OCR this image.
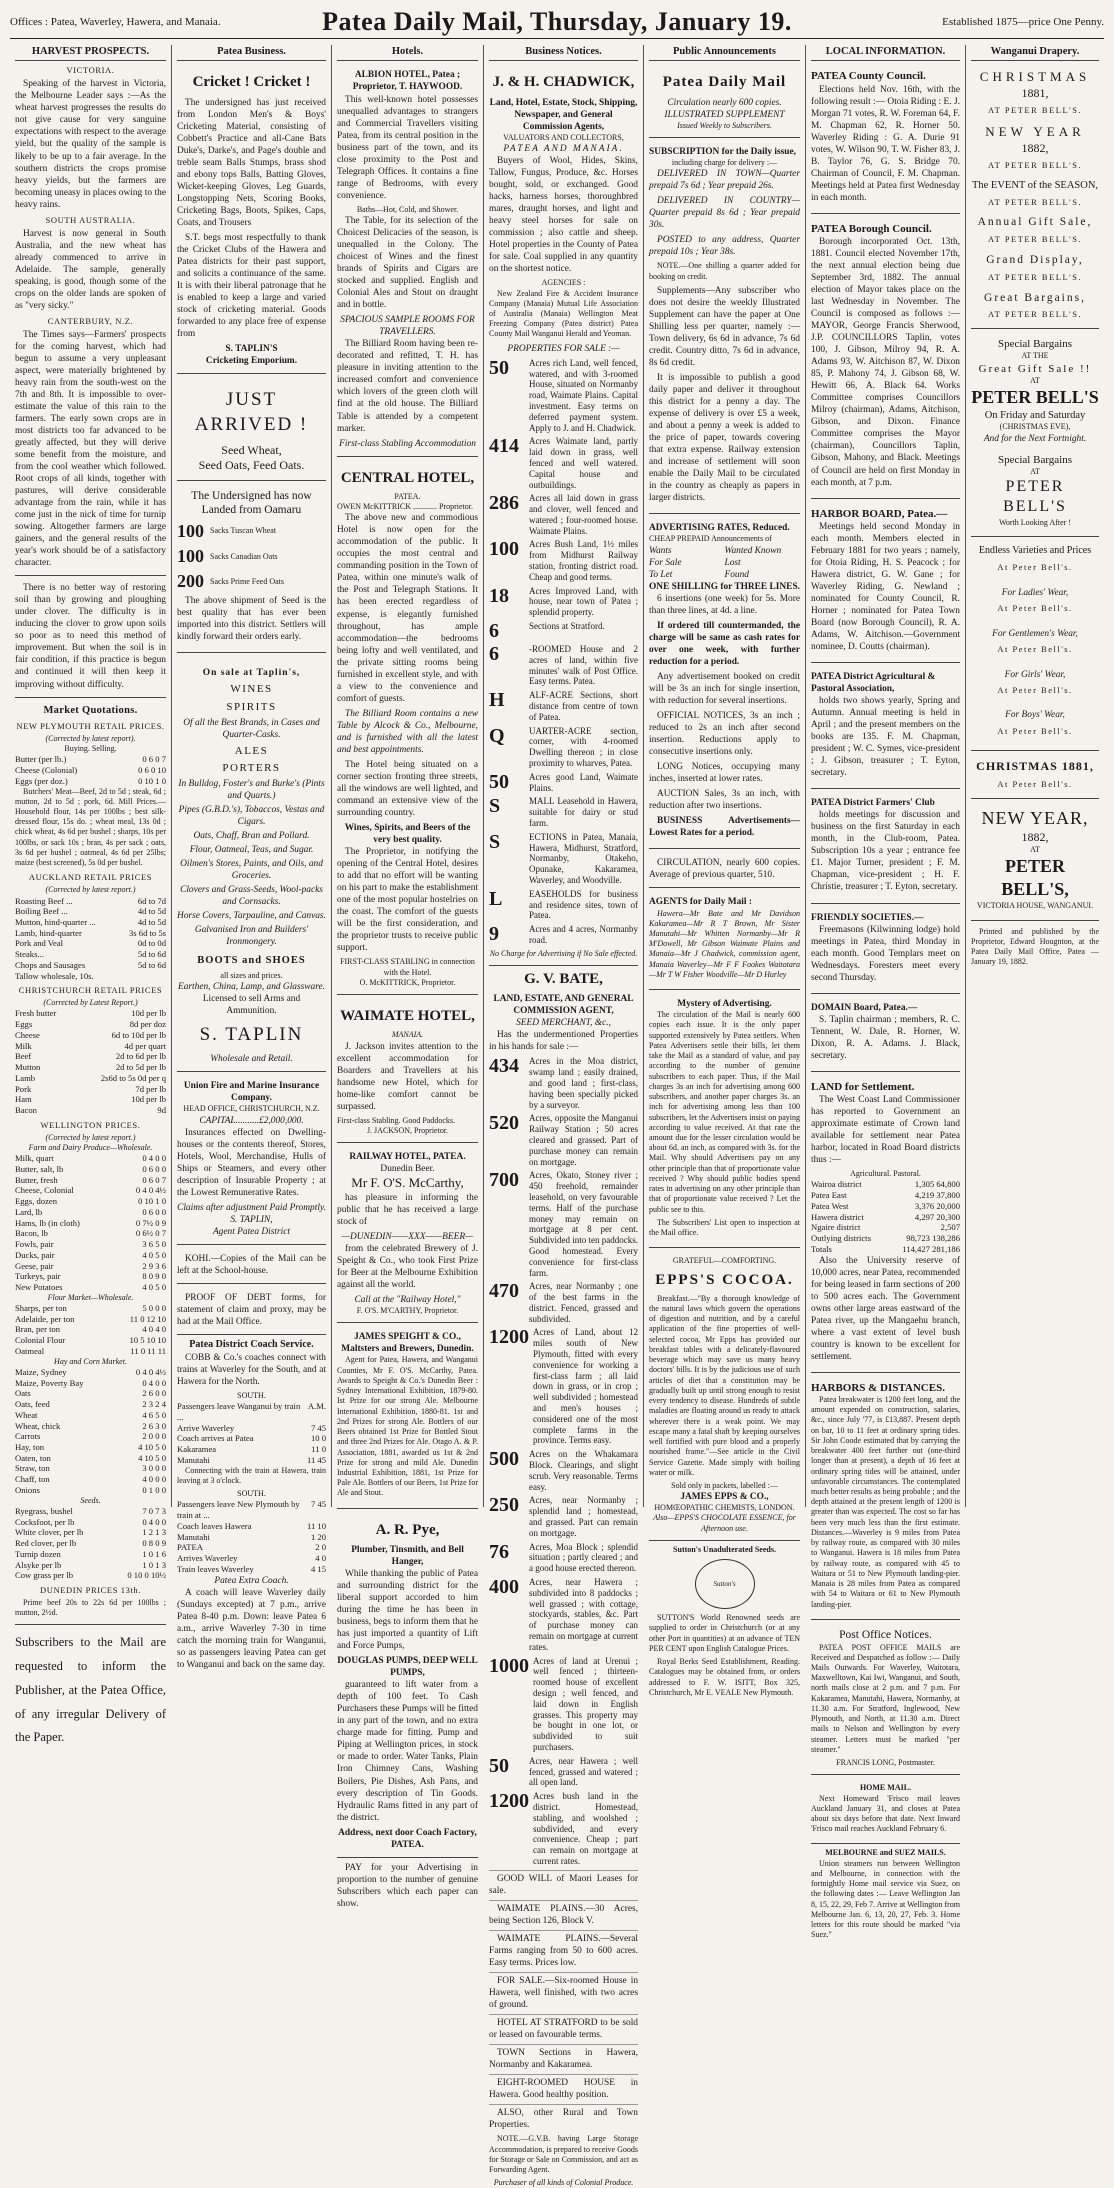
Offices : Patea, Waverley, Hawera, and Manaia.	Patea Daily Mail, Thursday, January 19.	Established 1875—price One Penny.
HARVEST PROSPECTS.
VICTORIA.

Speaking of the harvest in Victoria, the Melbourne Leader says :—As the wheat harvest progresses the results do not give cause for very sanguine expectations with respect to the average yield, but the quality of the sample is likely to be up to a fair average. In the southern districts the crops promise heavy yields, but the farmers are becoming uneasy in places owing to the heavy rains.

SOUTH AUSTRALIA.

Harvest is now general in South Australia, and the new wheat has already commenced to arrive in Adelaide. The sample, generally speaking, is good, though some of the crops on the older lands are spoken of as "very sicky."

CANTERBURY, N.Z.

The Times says—Farmers' prospects for the coming harvest, which had begun to assume a very unpleasant aspect, were materially brightened by heavy rain from the south-west on the 7th and 8th. It is impossible to over-estimate the value of this rain to the farmers. The early sown crops are in most districts too far advanced to be greatly affected, but they will derive some benefit from the moisture, and from the cool weather which followed. Root crops of all kinds, together with pastures, will derive considerable advantage from the rain, while it has come just in the nick of time for turnip sowing. Altogether farmers are large gainers, and the general results of the year's work should be of a satisfactory character.

There is no better way of restoring soil than by growing and ploughing under clover. The difficulty is in inducing the clover to grow upon soils so poor as to need this method of improvement. But when the soil is in fair condition, if this practice is begun and continued it will then keep it improving without difficulty.

Market Quotations.
NEW PLYMOUTH RETAIL PRICES.
(Corrected by latest report).
Buying. Selling.
Butter (per lb.)	0 6 0 7
Cheese (Colonial)	0 6 0 10
Eggs (per doz.)	0 10 1 0

Butchers' Meat—Beef, 2d to 5d ; steak, 6d ; mutton, 2d to 5d ; pork, 6d. Mill Prices.—Household flour, 14s per 100lbs ; best silk-dressed flour, 15s do. ; wheat meal, 13s 0d ; chick wheat, 4s 6d per bushel ; sharps, 10s per 100lbs, or sack 10s ; bran, 4s per sack ; oats, 3s 6d per bushel ; oatmeal, 4s 6d per 25lbs; maize (best screened), 5s 0d per bushel.

AUCKLAND RETAIL PRICES
(Corrected by latest report.)
Roasting Beef ...	6d to 7d
Boiling Beef ...	4d to 5d
Mutton, hind-quarter ...	4d to 5d
Lamb, hind-quarter	3s 6d to 5s
Pork and Veal	0d to 0d
Steaks...	5d to 6d
Chops and Sausages	5d to 6d
Tallow wholesale, 10s.
CHRISTCHURCH RETAIL PRICES
(Corrected by Latest Report.)
Fresh butter	10d per lb
Eggs	8d per doz
Cheese	6d to 10d per lb
Milk	4d per quart
Beef	2d to 6d per lb
Mutton	2d to 5d per lb
Lamb	2s6d to 5s 0d per q
Pork	7d per lb
Ham	10d per lb
Bacon	9d
WELLINGTON PRICES.
(Corrected by latest report.)
Farm and Dairy Produce—Wholesale.
Milk, quart	0 4 0 0
Butter, salt, lb	0 6 0 0
Butter, fresh	0 6 0 7
Cheese, Colonial	0 4 0 4½
Eggs, dozen	0 10 1 0
Lard, lb	0 6 0 0
Hams, lb (in cloth)	0 7½ 0 9
Bacon, lb	0 6½ 0 7
Fowls, pair	3 6 5 0
Ducks, pair	4 0 5 0
Geese, pair	2 9 3 6
Turkeys, pair	8 0 9 0
New Potatoes	4 0 5 0
Flour Market—Wholesale.
Sharps, per ton	5 0 0 0
Adelaide, per ton	11 0 12 10
Bran, per ton	4 0 4 0
Colonial Flour	10 5 10 10
Oatmeal	11 0 11 11
Hay and Corn Market.
Maize, Sydney	0 4 0 4½
Maize, Poverty Bay	0 4 0 0
Oats	2 6 0 0
Oats, feed	2 3 2 4
Wheat	4 6 5 0
Wheat, chick	2 6 3 0
Carrots	2 0 0 0
Hay, ton	4 10 5 0
Oaten, ton	4 10 5 0
Straw, ton	3 0 0 0
Chaff, ton	4 0 0 0
Onions	0 1 0 0
Seeds.
Ryegrass, bushel	7 0 7 3
Cocksfoot, per lb	0 4 0 0
White clover, per lb	1 2 1 3
Red clover, per lb	0 8 0 9
Turnip dozen	1 0 1 6
Alsyke per lb	1 0 1 3
Cow grass per lb	0 10 0 10½
DUNEDIN PRICES 13th.

Prime beef 20s to 22s 6d per 100lbs ; mutton, 2½d.

Subscribers to the Mail are requested to inform the Publisher, at the Patea Office, of any irregular Delivery of the Paper.

Patea Business.
Cricket ! Cricket !

The undersigned has just received from London Men's & Boys' Cricketing Material, consisting of Cobbett's Practice and all-Cane Bats Duke's, Darke's, and Page's double and treble seam Balls Stumps, brass shod and ebony tops Balls, Batting Gloves, Wicket-keeping Gloves, Leg Guards, Longstopping Nets, Scoring Books, Cricketing Bags, Boots, Spikes, Caps, Coats, and Trousers

S.T. begs most respectfully to thank the Cricket Clubs of the Hawera and Patea districts for their past support, and solicits a continuance of the same. It is with their liberal patronage that he is enabled to keep a large and varied stock of cricketing material. Goods forwarded to any place free of expense from

S. TAPLIN'S
Cricketing Emporium.
JUST ARRIVED !
Seed Wheat,
Seed Oats, Feed Oats.
The Undersigned has now Landed from Oamaru
100 Sacks Tuscan Wheat
100 Sacks Canadian Oats
200 Sacks Prime Feed Oats

The above shipment of Seed is the best quality that has ever been imported into this district. Settlers will kindly forward their orders early.

On sale at Taplin's,
WINES
SPIRITS
Of all the Best Brands, in Cases and Quarter-Casks.
ALES
PORTERS
In Bulldog, Foster's and Burke's (Pints and Quarts.)
Pipes (G.B.D.'s), Tobaccos, Vestas and Cigars.
Oats, Chaff, Bran and Pollard.
Flour, Oatmeal, Teas, and Sugar.
Oilmen's Stores, Paints, and Oils, and Groceries.
Clovers and Grass-Seeds, Wool-packs and Cornsacks.
Horse Covers, Tarpauline, and Canvas.
Galvanised Iron and Builders' Ironmongery.
BOOTS and SHOES
all sizes and prices.
Earthen, China, Lamp, and Glassware.
Licensed to sell Arms and Ammunition.
S. TAPLIN
Wholesale and Retail.
Union Fire and Marine Insurance Company.
HEAD OFFICE, CHRISTCHURCH, N.Z.
CAPITAL..........£2,000,000.

Insurances effected on Dwelling-houses or the contents thereof, Stores, Hotels, Wool, Merchandise, Hulls of Ships or Steamers, and every other description of Insurable Property ; at the Lowest Remunerative Rates.

Claims after adjustment Paid Promptly.
S. TAPLIN,
Agent Patea District

KOHI.—Copies of the Mail can be left at the School-house.

PROOF OF DEBT forms, for statement of claim and proxy, may be had at the Mail Office.

Patea District Coach Service.

COBB & Co.'s coaches connect with trains at Waverley for the South, and at Hawera for the North.

SOUTH.
Passengers leave Wanganui by train ...
A.M.
Arrive Waverley	7 45
Coach arrives at Patea	10 0
Kakaramea	11 0
Manutahi	11 45

Connecting with the train at Hawera, train leaving at 3 o'clock.

SOUTH.
Passengers leave New Plymouth by train at ...
7 45
Coach leaves Hawera	11 10
Manutahi	1 20
PATEA	2 0
Arrives Waverley	4 0
Train leaves Waverley	4 15
Patea Extra Coach.

A coach will leave Waverley daily (Sundays excepted) at 7 p.m., arrive Patea 8-40 p.m. Down: leave Patea 6 a.m., arrive Waverley 7-30 in time catch the morning train for Wanganui, so as passengers leaving Patea can get to Wanganui and back on the same day.

Hotels.
ALBION HOTEL, Patea ; Proprietor, T. HAYWOOD.

This well-known hotel possesses unequalled advantages to strangers and Commercial Travellers visiting Patea, from its central position in the business part of the town, and its close proximity to the Post and Telegraph Offices. It contains a fine range of Bedrooms, with every convenience.

Baths—Hot, Cold, and Shower.

The Table, for its selection of the Choicest Delicacies of the season, is unequalled in the Colony. The choicest of Wines and the finest brands of Spirits and Cigars are stocked and supplied. English and Colonial Ales and Stout on draught and in bottle.

SPACIOUS SAMPLE ROOMS FOR TRAVELLERS.

The Billiard Room having been re-decorated and refitted, T. H. has pleasure in inviting attention to the increased comfort and convenience which lovers of the green cloth will find at the old house. The Billiard Table is attended by a competent marker.

First-class Stabling Accommodation
CENTRAL HOTEL,
PATEA.
OWEN McKITTRICK ............ Proprietor.

The above new and commodious Hotel is now open for the accommodation of the public. It occupies the most central and commanding position in the Town of Patea, within one minute's walk of the Post and Telegraph Stations. It has been erected regardless of expense, is elegantly furnished throughout, has ample accommodation—the bedrooms being lofty and well ventilated, and the private sitting rooms being furnished in excellent style, and with a view to the convenience and comfort of guests.

The Billiard Room contains a new Table by Alcock & Co., Melbourne, and is furnished with all the latest and best appointments.

The Hotel being situated on a corner section fronting three streets, all the windows are well lighted, and command an extensive view of the surrounding country.

Wines, Spirits, and Beers of the very best quality.

The Proprietor, in notifying the opening of the Central Hotel, desires to add that no effort will be wanting on his part to make the establishment one of the most popular hostelries on the coast. The comfort of the guests will be the first consideration, and the proprietor trusts to receive public support.

FIRST-CLASS STABLING in connection with the Hotel.
O. McKITTRICK, Proprietor.
WAIMATE HOTEL,
MANAIA.

J. Jackson invites attention to the excellent accommodation for Boarders and Travellers at his handsome new Hotel, which for home-like comfort cannot be surpassed.

First-class Stabling. Good Paddocks.
J. JACKSON, Proprietor.
RAILWAY HOTEL, PATEA.
Dunedin Beer.
Mr F. O'S. McCarthy,

has pleasure in informing the public that he has received a large stock of

—DUNEDIN——XXX——BEER—

from the celebrated Brewery of J. Speight & Co., who took First Prize for Beer at the Melbourne Exhibition against all the world.

Call at the "Railway Hotel,"
F. O'S. M'CARTHY, Proprietor.
JAMES SPEIGHT & CO., Maltsters and Brewers, Dunedin.

Agent for Patea, Hawera, and Wanganui Counties, Mr F. O'S. McCarthy, Patea. Awards to Speight & Co.'s Dunedin Beer : Sydney International Exhibition, 1879-80. Ist Prize for our strong Ale. Melbourne International Exhibition, 1880-81. 1st and 2nd Prizes for strong Ale. Bottlers of our Beers obtained 1st Prize for Bottled Stout and three 2nd Prizes for Ale. Otago A. & P. Association, 1881, awarded us 1st & 2nd Prize for strong and mild Ale. Dunedin Industrial Exhibition, 1881, 1st Prize for Pale Ale. Bottlers of our Beers, 1st Prize for Ale and Stout.

A. R. Pye,
Plumber, Tinsmith, and Bell Hanger,

While thanking the public of Patea and surrounding district for the liberal support accorded to him during the time he has been in business, begs to inform them that he has just imported a quantity of Lift and Force Pumps,

DOUGLAS PUMPS, DEEP WELL PUMPS,

guaranteed to lift water from a depth of 100 feet. To Cash Purchasers these Pumps will be fitted in any part of the town, and no extra charge made for fitting. Pump and Piping at Wellington prices, in stock or made to order. Water Tanks, Plain Iron Chimney Cans, Washing Boilers, Pie Dishes, Ash Pans, and every description of Tin Goods. Hydraulic Rams fitted in any part of the district.

Address, next door Coach Factory, PATEA.

PAY for your Advertising in proportion to the number of genuine Subscribers which each paper can show.

Business Notices.
J. & H. CHADWICK,
Land, Hotel, Estate, Stock, Shipping, Newspaper, and General Commission Agents,
VALUATORS AND COLLECTORS,
PATEA AND MANAIA.

Buyers of Wool, Hides, Skins, Tallow, Fungus, Produce, &c. Horses bought, sold, or exchanged. Good hacks, harness horses, thoroughbred mares, draught horses, and light and heavy steel horses for sale on commission ; also cattle and sheep. Hotel properties in the County of Patea for sale. Coal supplied in any quantity on the shortest notice.

AGENCIES :

New Zealand Fire & Accident Insurance Company (Manaia) Mutual Life Association of Australia (Manaia) Wellington Meat Freezing Company (Patea district) Patea County Mail Wanganui Herald and Yeoman.

PROPERTIES FOR SALE :—
50	Acres rich Land, well fenced, watered, and with 3-roomed House, situated on Normanby road, Waimate Plains. Capital investment. Easy terms on deferred payment system. Apply to J. and H. Chadwick.
414	Acres Waimate land, partly laid down in grass, well fenced and well watered. Capital house and outbuildings.
286	Acres all laid down in grass and clover, well fenced and watered ; four-roomed house. Waimate Plains.
100	Acres Bush Land, 1½ miles from Midhurst Railway station, fronting district road. Cheap and good terms.
18	Acres Improved Land, with house, near town of Patea ; splendid property.
6	Sections at Stratford.
6	-ROOMED House and 2 acres of land, within five minutes' walk of Post Office. Easy terms. Patea.
H	ALF-ACRE Sections, short distance from centre of town of Patea.
Q	UARTER-ACRE section, corner, with 4-roomed Dwelling thereon ; in close proximity to wharves, Patea.
50	Acres good Land, Waimate Plains.
S	MALL Leasehold in Hawera, suitable for dairy or stud farm.
S	ECTIONS in Patea, Manaia, Hawera, Midhurst, Stratford, Normanby, Otakeho, Opunake, Kakaramea, Waverley, and Woodville.
L	EASEHOLDS for business and residence sites, town of Patea.
9	Acres and 4 acres, Normanby road.
No Charge for Advertising if No Sale effected.
G. V. BATE,
LAND, ESTATE, AND GENERAL COMMISSION AGENT,
SEED MERCHANT, &c.,

Has the undermentioned Properties in his hands for sale :—

434	Acres in the Moa district, swamp land ; easily drained, and good land ; first-class, having been specially picked by a surveyor.
520	Acres, opposite the Manganui Railway Station ; 50 acres cleared and grassed. Part of purchase money can remain on mortgage.
700	Acres, Okato, Stoney river ; 450 freehold, remainder leasehold, on very favourable terms. Half of the purchase money may remain on mortgage at 8 per cent. Subdivided into ten paddocks. Good homestead. Every convenience for first-class farm.
470	Acres, near Normanby ; one of the best farms in the district. Fenced, grassed and subdivided.
1200 Acres of Land, about 12 miles south of New Plymouth, fitted with every convenience for working a first-class farm ; all laid down in grass, or in crop ; well subdivided ; homestead and men's houses ; considered one of the most complete farms in the province. Terms easy.
500	Acres on the Whakamara Block. Clearings, and slight scrub. Very reasonable. Terms easy.
250	Acres, near Normanby ; splendid land ; homestead, and grassed. Part can remain on mortgage.
76	Acres, Moa Block ; splendid situation ; partly cleared ; and a good house erected thereon.
400	Acres, near Hawera ; subdivided into 8 paddocks ; well grassed ; with cottage, stockyards, stables, &c. Part of purchase money can remain on mortgage at current rates.
1000 Acres of land at Urenui ; well fenced ; thirteen-roomed house of excellent design ; well fenced, and laid down in English grasses. This property may be bought in one lot, or subdivided to suit purchasers.
50	Acres, near Hawera ; well fenced, grassed and watered ; all open land.
1200 Acres bush land in the district. Homestead, stabling, and woolshed ; subdivided, and every convenience. Cheap ; part can remain on mortgage at current rates.

GOOD WILL of Maori Leases for sale.

WAIMATE PLAINS.—30 Acres, being Section 126, Block V.

WAIMATE PLAINS.—Several Farms ranging from 50 to 600 acres. Easy terms. Prices low.

FOR SALE.—Six-roomed House in Hawera, well finished, with two acres of ground.

HOTEL AT STRATFORD to be sold or leased on favourable terms.

TOWN Sections in Hawera, Normanby and Kakaramea.

EIGHT-ROOMED HOUSE in Hawera. Good healthy position.

ALSO, other Rural and Town Properties.

NOTE.—G.V.B. having Large Storage Accommodation, is prepared to receive Goods for Storage or Sale on Commission, and act as Forwarding Agent.

Purchaser of all kinds of Colonial Produce.
Public Announcements
Patea Daily Mail
Circulation nearly 600 copies.
ILLUSTRATED SUPPLEMENT
Issued Weekly to Subscribers.
SUBSCRIPTION for the Daily issue,
including charge for delivery :—

DELIVERED IN TOWN—Quarter prepaid 7s 6d ; Year prepaid 26s.

DELIVERED IN COUNTRY—Quarter prepaid 8s 6d ; Year prepaid 30s.

POSTED to any address, Quarter prepaid 10s ; Year 38s.

NOTE.—One shilling a quarter added for booking on credit.

Supplements—Any subscriber who does not desire the weekly Illustrated Supplement can have the paper at One Shilling less per quarter, namely :—Town delivery, 6s 6d in advance, 7s 6d credit. Country ditto, 7s 6d in advance, 8s 6d credit.

It is impossible to publish a good daily paper and deliver it throughout this district for a penny a day. The expense of delivery is over £5 a week, and about a penny a week is added to the price of paper, towards covering that extra expense. Railway extension and increase of settlement will soon enable the Daily Mail to be circulated in the country as cheaply as papers in larger districts.

ADVERTISING RATES, Reduced.
CHEAP PREPAID Announcements of
Wants	Wanted Known
For Sale	Lost
To Let	Found
ONE SHILLING for THREE LINES.

6 insertions (one week) for 5s. More than three lines, at 4d. a line.

If ordered till countermanded, the charge will be same as cash rates for over one week, with further reduction for a period.

Any advertisement booked on credit will be 3s an inch for single insertion, with reduction for several insertions.

OFFICIAL NOTICES, 3s an inch ; reduced to 2s an inch after second insertion. Reductions apply to consecutive insertions only.

LONG Notices, occupying many inches, inserted at lower rates.

AUCTION Sales, 3s an inch, with reduction after two insertions.

BUSINESS Advertisements—Lowest Rates for a period.

CIRCULATION, nearly 600 copies. Average of previous quarter, 510.

AGENTS for Daily Mail :

Hawera—Mr Bate and Mr Davidson Kakaramea—Mr R T Brown, Mr Sister Manutahi—Mr Whitten Normanby—Mr R M'Dowell, Mr Gibson Waimate Plains and Manaia—Mr J Chadwick, commission agent, Manaia Waverley—Mr F F Fookes Waitotara—Mr T W Fisher Woodville—Mr D Hurley

Mystery of Advertising.

The circulation of the Mail is nearly 600 copies each issue. It is the only paper supported extensively by Patea settlers. When Patea Advertisers settle their bills, let them take the Mail as a standard of value, and pay according to the number of genuine subscribers to each paper. Thus, if the Mail charges 3s an inch for advertising among 600 subscribers, and another paper charges 3s. an inch for advertising among less than 100 subscribers, let the Advertisers insist on paying according to value received. At that rate the amount due for the lesser circulation would be about 6d. an inch, as compared with 3s. for the Mail. Why should Advertisers pay on any other principle than that of proportionate value received ? Why should public bodies spend rates in advertising on any other principle than that of proportionate value received ? Let the public see to this.

The Subscribers' List open to inspection at the Mail office.

GRATEFUL—COMFORTING.
EPPS'S COCOA.

Breakfast.—"By a thorough knowledge of the natural laws which govern the operations of digestion and nutrition, and by a careful application of the fine properties of well-selected cocoa, Mr Epps has provided our breakfast tables with a delicately-flavoured beverage which may save us many heavy doctors' bills. It is by the judicious use of such articles of diet that a constitution may be gradually built up until strong enough to resist every tendency to disease. Hundreds of subtle maladies are floating around us ready to attack wherever there is a weak point. We may escape many a fatal shaft by keeping ourselves well fortified with pure blood and a properly nourished frame."—See article in the Civil Service Gazette. Made simply with boiling water or milk.

Sold only in packets, labelled :—
JAMES EPPS & CO.,
HOMŒOPATHIC CHEMISTS, LONDON.
Also—EPPS'S CHOCOLATE ESSENCE, for Afternoon use.
Sutton's Unadulterated Seeds.
Sutton's

SUTTON'S World Renowned seeds are supplied to order in Christchurch (or at any other Port in quantities) at an advance of TEN PER CENT upon English Catalogue Prices.

Royal Berks Seed Establishment, Reading. Catalogues may be obtained from, or orders addressed to F. W. ISITT, Box 325, Christchurch, Mr E. VEALE New Plymouth.

LOCAL INFORMATION.
PATEA County Council.

Elections held Nov. 16th, with the following result :— Otoia Riding : E. J. Morgan 71 votes, R. W. Foreman 64, F. M. Chapman 62, R. Horner 50. Waverley Riding : G. A. Durie 91 votes, W. Wilson 90, T. W. Fisher 83, J. B. Taylor 76, G. S. Bridge 70. Chairman of Council, F. M. Chapman. Meetings held at Patea first Wednesday in each month.

PATEA Borough Council.

Borough incorporated Oct. 13th, 1881. Council elected November 17th, the next annual election being due September 3rd, 1882. The annual election of Mayor takes place on the last Wednesday in November. The Council is composed as follows :— MAYOR, George Francis Sherwood, J.P. COUNCILLORS Taplin, votes 100, J. Gibson, Milroy 94, R. A. Adams 93, W. Aitchison 87, W. Dixon 85, P. Mahony 74, J. Gibson 68, W. Hewitt 66, A. Black 64. Works Committee comprises Councillors Milroy (chairman), Adams, Aitchison, Gibson, and Dixon. Finance Committee comprises the Mayor (chairman), Councillors Taplin, Gibson, Mahony, and Black. Meetings of Council are held on first Monday in each month, at 7 p.m.

HARBOR BOARD, Patea.—

Meetings held second Monday in each month. Members elected in February 1881 for two years ; namely, for Otoia Riding, H. S. Peacock ; for Hawera district, G. W. Gane ; for Waverley Riding, G. Newland ; nominated for County Council, R. Horner ; nominated for Patea Town Board (now Borough Council), R. A. Adams, W. Aitchison.—Government nominee, D. Coutts (chairman).

PATEA District Agricultural & Pastoral Association,

holds two shows yearly, Spring and Autumn. Annual meeting is held in April ; and the present members on the books are 135. F. M. Chapman, president ; W. C. Symes, vice-president ; J. Gibson, treasurer ; T. Eyton, secretary.

PATEA District Farmers' Club

holds meetings for discussion and business on the first Saturday in each month, in the Club-room, Patea. Subscription 10s a year ; entrance fee £1. Major Turner, president ; F. M. Chapman, vice-president ; H. F. Christie, treasurer ; T. Eyton, secretary.

FRIENDLY SOCIETIES.—

Freemasons (Kilwinning lodge) hold meetings in Patea, third Monday in each month. Good Templars meet on Wednesdays. Foresters meet every second Thursday.

DOMAIN Board, Patea.—

S. Taplin chairman ; members, R. C. Tennent, W. Dale, R. Horner, W. Dixon, R. A. Adams. J. Black, secretary.

LAND for Settlement.

The West Coast Land Commissioner has reported to Government an approximate estimate of Crown land available for settlement near Patea harbor, located in Road Board districts thus :—

Agricultural. Pastoral.
Wairoa district	1,305 64,800
Patea East	4,219 37,800
Patea West	3,376 20,000
Hawera district	4,297 20,300
Ngaire district	2,507
Outlying districts	98,723 138,286
Totals	114,427 281,186

Also the University reserve of 10,000 acres, near Patea, recommended for being leased in farm sections of 200 to 500 acres each. The Government owns other large areas eastward of the Patea river, up the Mangaehu branch, where a vast extent of level bush country is known to be excellent for settlement.

HARBORS & DISTANCES.

Patea breakwater is 1200 feet long, and the amount expended on construction, salaries, &c., since July '77, is £13,887. Present depth on bar, 10 to 11 feet at ordinary spring tides. Sir John Coode estimated that by carrying the breakwater 400 feet further out (one-third longer than at present), a depth of 16 feet at ordinary spring tides will be attained, under unfavorable circumstances. The contemplated much better results as being probable ; and the depth attained at the present length of 1200 is greater than was expected. The cost so far has been very much less than the first estimate. Distances.—Waverley is 9 miles from Patea by railway route, as compared with 30 miles to Wanganui. Hawera is 18 miles from Patea by railway route, as compared with 45 to Waitara or 51 to New Plymouth landing-pier. Manaia is 28 miles from Patea as compared with 54 to Waitara or 61 to New Plymouth landing-pier.

Post Office Notices.

PATEA POST OFFICE MAILS are Received and Despatched as follow :— Daily Mails Outwards. For Waverley, Waitotara, Maxwelltown, Kai Iwi, Wanganui, and South, north mails close at 2 p.m. and 7 p.m. For Kakaramea, Manutahi, Hawera, Normanby, at 11.30 a.m. For Stratford, Inglewood, New Plymouth, and North, at 11.30 a.m. Direct mails to Nelson and Wellington by every steamer. Letters must be marked "per steamer."

FRANCIS LONG, Postmaster.
HOME MAIL.

Next Homeward 'Frisco mail leaves Auckland January 31, and closes at Patea about six days before that date. Next Inward 'Frisco mail reaches Auckland February 6.

MELBOURNE and SUEZ MAILS.

Union steamers run between Wellington and Melbourne, in connection with the fortnightly Home mail service via Suez, on the following dates :— Leave Wellington Jan 8, 15, 22, 29, Feb 7. Arrive at Wellington from Melbourne Jan. 6, 13, 20, 27, Feb. 3. Home letters for this route should be marked "via Suez."

Wanganui Drapery.
CHRISTMAS
1881,
AT PETER BELL'S.
NEW YEAR
1882,
AT PETER BELL'S.
The EVENT of the SEASON,
AT PETER BELL'S.
Annual Gift Sale,
AT PETER BELL'S.
Grand Display,
AT PETER BELL'S.
Great Bargains,
AT PETER BELL'S.
Special Bargains
AT THE
Great Gift Sale !!
AT
PETER BELL'S
On Friday and Saturday
(CHRISTMAS EVE),
And for the Next Fortnight.
Special Bargains
AT
PETER BELL'S
Worth Looking After !
Endless Varieties and Prices
At Peter Bell's.
For Ladies' Wear,
At Peter Bell's.
For Gentlemen's Wear,
At Peter Bell's.
For Girls' Wear,
At Peter Bell's.
For Boys' Wear,
At Peter Bell's.
CHRISTMAS 1881,
At Peter Bell's.
NEW YEAR,
1882,
AT
PETER BELL'S,
VICTORIA HOUSE, WANGANUI.

Printed and published by the Proprietor, Edward Hougnton, at the Patea Daily Mail Office, Patea — January 19, 1882.
